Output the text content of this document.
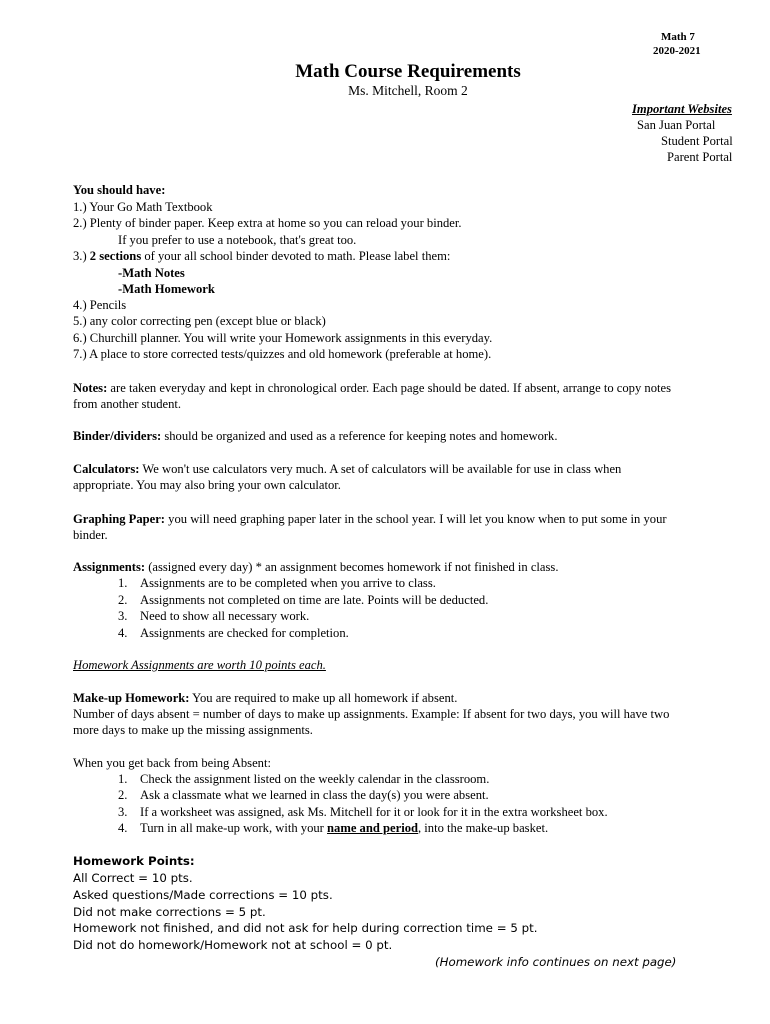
Math 7
2020-2021
Math Course Requirements
Ms. Mitchell, Room 2
Important Websites
San Juan Portal
Student Portal
Parent Portal
You should have:
1.) Your Go Math Textbook
2.) Plenty of binder paper. Keep extra at home so you can reload your binder.
If you prefer to use a notebook, that's great too.
3.) 2 sections of your all school binder devoted to math. Please label them:
-Math Notes
-Math Homework
4.) Pencils
5.) any color correcting pen (except blue or black)
6.) Churchill planner. You will write your Homework assignments in this everyday.
7.) A place to store corrected tests/quizzes and old homework (preferable at home).
Notes: are taken everyday and kept in chronological order. Each page should be dated. If absent, arrange to copy notes
from another student.
Binder/dividers: should be organized and used as a reference for keeping notes and homework.
Calculators: We won't use calculators very much. A set of calculators will be available for use in class when
appropriate. You may also bring your own calculator.
Graphing Paper: you will need graphing paper later in the school year. I will let you know when to put some in your
binder.
Assignments: (assigned every day) * an assignment becomes homework if not finished in class.
1. Assignments are to be completed when you arrive to class.
2. Assignments not completed on time are late. Points will be deducted.
3. Need to show all necessary work.
4. Assignments are checked for completion.
Homework Assignments are worth 10 points each.
Make-up Homework: You are required to make up all homework if absent.
Number of days absent = number of days to make up assignments. Example: If absent for two days, you will have two
more days to make up the missing assignments.
When you get back from being Absent:
1. Check the assignment listed on the weekly calendar in the classroom.
2. Ask a classmate what we learned in class the day(s) you were absent.
3. If a worksheet was assigned, ask Ms. Mitchell for it or look for it in the extra worksheet box.
4. Turn in all make-up work, with your name and period, into the make-up basket.
Homework Points:
All Correct = 10 pts.
Asked questions/Made corrections = 10 pts.
Did not make corrections = 5 pt.
Homework not finished, and did not ask for help during correction time = 5 pt.
Did not do homework/Homework not at school = 0 pt.
(Homework info continues on next page)
